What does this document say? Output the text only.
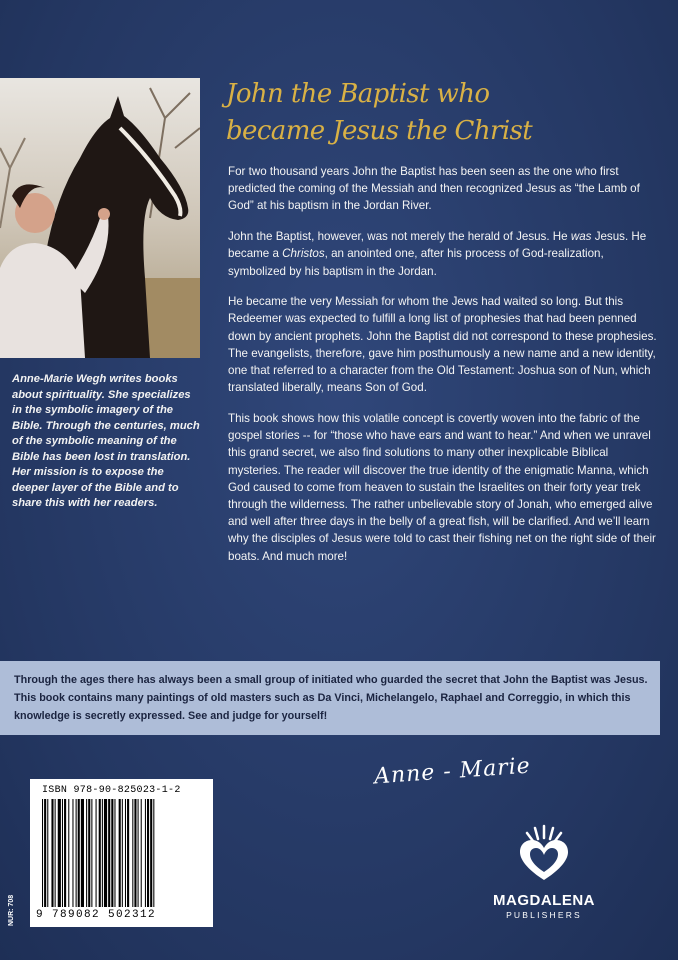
Anne-Marie Wegh writes books about spirituality. She specializes in the symbolic imagery of the Bible. Through the centuries, much of the symbolic meaning of the Bible has been lost in translation. Her mission is to expose the deeper layer of the Bible and to share this with her readers.

John the Baptist who
became Jesus the Christ

For two thousand years John the Baptist has been seen as the one who first predicted the coming of the Messiah and then recognized Jesus as “the Lamb of God” at his baptism in the Jordan River.

John the Baptist, however, was not merely the herald of Jesus. He was Jesus. He became a Christos, an anointed one, after his process of God-realization, symbolized by his baptism in the Jordan.

He became the very Messiah for whom the Jews had waited so long. But this Redeemer was expected to fulfill a long list of prophesies that had been penned down by ancient prophets. John the Baptist did not correspond to these prophesies. The evangelists, therefore, gave him posthumously a new name and a new identity, one that referred to a character from the Old Testament: Joshua son of Nun, which translated liberally, means Son of God.

This book shows how this volatile concept is covertly woven into the fabric of the gospel stories -- for “those who have ears and want to hear.” And when we unravel this grand secret, we also find solutions to many other inexplicable Biblical mysteries. The reader will discover the true identity of the enigmatic Manna, which God caused to come from heaven to sustain the Israelites on their forty year trek through the wilderness. The rather unbelievable story of Jonah, who emerged alive and well after three days in the belly of a great fish, will be clarified. And we’ll learn why the disciples of Jesus were told to cast their fishing net on the right side of their boats. And much more!

Through the ages there has always been a small group of initiated who guarded the secret that John the Baptist was Jesus. This book contains many paintings of old masters such as Da Vinci, Michelangelo, Raphael and Correggio, in which this knowledge is secretly expressed. See and judge for yourself!

Anne - Marie
ISBN 978-90-825023-1-2
9 789082 502312
NUR: 708	MAGDALENA
PUBLISHERS
